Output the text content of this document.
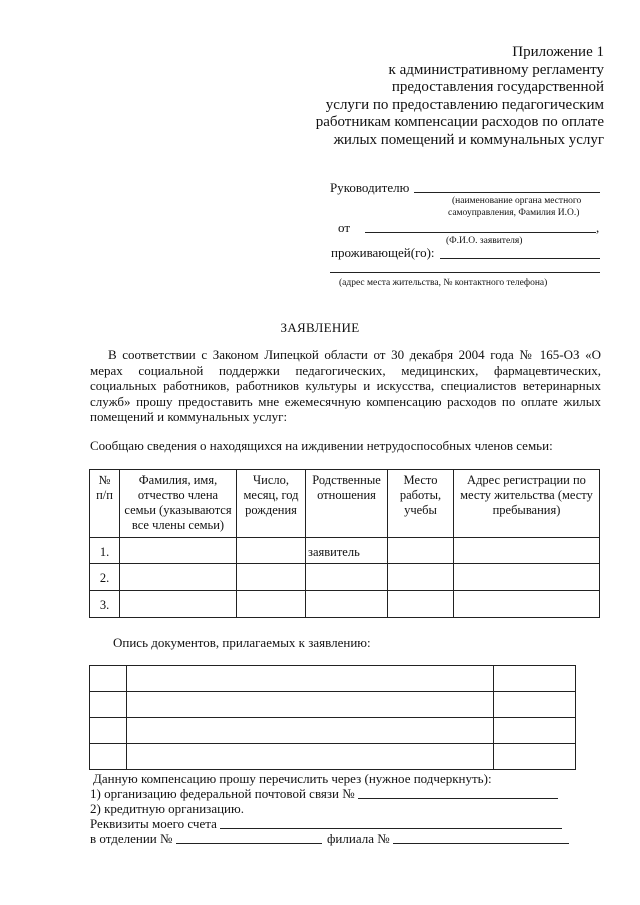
Приложение 1
к административному регламенту
предоставления государственной
услуги по предоставлению педагогическим
работникам компенсации расходов по оплате
жилых помещений и коммунальных услуг
Руководителю
(наименование органа местного
самоуправления, Фамилия И.О.)
от	,
(Ф.И.О. заявителя)
проживающей(го):
(адрес места жительства, № контактного телефона)
ЗАЯВЛЕНИЕ
В соответствии с Законом Липецкой области от 30 декабря 2004 года № 165-ОЗ «О
мерах социальной поддержки педагогических, медицинских, фармацевтических,
социальных работников, работников культуры и искусства, специалистов ветеринарных
служб» прошу предоставить мне ежемесячную компенсацию расходов по оплате жилых
помещений и коммунальных услуг:
Сообщаю сведения о находящихся на иждивении нетрудоспособных членов семьи:
№ п/п	Фамилия, имя, отчество члена семьи (указываются все члены семьи)	Число, месяц, год рождения	Родственные отношения	Место работы, учебы	Адрес регистрации по месту жительства (месту пребывания)
1.			заявитель		
2.					
3.					
Опись документов, прилагаемых к заявлению:

Данную компенсацию прошу перечислить через (нужное подчеркнуть):
1) организацию федеральной почтовой связи №
2) кредитную организацию.
Реквизиты моего счета
в отделении №	филиала №
